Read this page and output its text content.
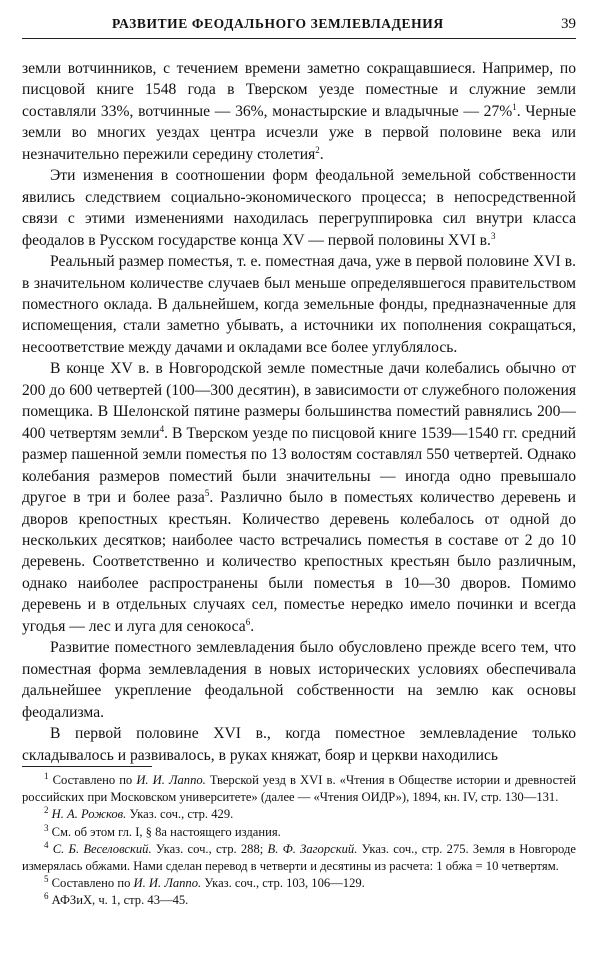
РАЗВИТИЕ ФЕОДАЛЬНОГО ЗЕМЛЕВЛАДЕНИЯ	39

земли вотчинников, с течением времени заметно сокращавшиеся. Например, по писцовой книге 1548 года в Тверском уезде поместные и служние земли составляли 33%, вотчинные — 36%, монастырские и владычные — 27%$^1$. Черные земли во многих уездах центра исчезли уже в первой половине века или незначительно пережили середину столетия$^2$.

Эти изменения в соотношении форм феодальной земельной собственности явились следствием социально-экономического процесса; в непосредственной связи с этими изменениями находилась перегруппировка сил внутри класса феодалов в Русском государстве конца XV — первой половины XVI в.$^3$

Реальный размер поместья, т. е. поместная дача, уже в первой половине XVI в. в значительном количестве случаев был меньше определявшегося правительством поместного оклада. В дальнейшем, когда земельные фонды, предназначенные для испомещения, стали заметно убывать, а источники их пополнения сокращаться, несоответствие между дачами и окладами все более углублялось.

В конце XV в. в Новгородской земле поместные дачи колебались обычно от 200 до 600 четвертей (100—300 десятин), в зависимости от служебного положения помещика. В Шелонской пятине размеры большинства поместий равнялись 200—400 четвертям земли$^4$. В Тверском уезде по писцовой книге 1539—1540 гг. средний размер пашенной земли поместья по 13 волостям составлял 550 четвертей. Однако колебания размеров поместий были значительны — иногда одно превышало другое в три и более раза$^5$. Различно было в поместьях количество деревень и дворов крепостных крестьян. Количество деревень колебалось от одной до нескольких десятков; наиболее часто встречались поместья в составе от 2 до 10 деревень. Соответственно и количество крепостных крестьян было различным, однако наиболее распространены были поместья в 10—30 дворов. Помимо деревень и в отдельных случаях сел, поместье нередко имело починки и всегда угодья — лес и луга для сенокоса$^6$.

Развитие поместного землевладения было обусловлено прежде всего тем, что поместная форма землевладения в новых исторических условиях обеспечивала дальнейшее укрепление феодальной собственности на землю как основы феодализма.

В первой половине XVI в., когда поместное землевладение только складывалось и развивалось, в руках княжат, бояр и церкви находились

$^1$ Составлено по И. И. Лаппо. Тверской уезд в XVI в. «Чтения в Обществе истории и древностей российских при Московском университете» (далее — «Чтения ОИДР»), 1894, кн. IV, стр. 130—131.

$^2$ Н. А. Рожков. Указ. соч., стр. 429.

$^3$ См. об этом гл. I, § 8а настоящего издания.

$^4$ С. Б. Веселовский. Указ. соч., стр. 288; В. Ф. Загорский. Указ. соч., стр. 275. Земля в Новгороде измерялась обжами. Нами сделан перевод в четверти и десятины из расчета: 1 обжа = 10 четвертям.

$^5$ Составлено по И. И. Лаппо. Указ. соч., стр. 103, 106—129.

$^6$ АФЗиХ, ч. 1, стр. 43—45.
